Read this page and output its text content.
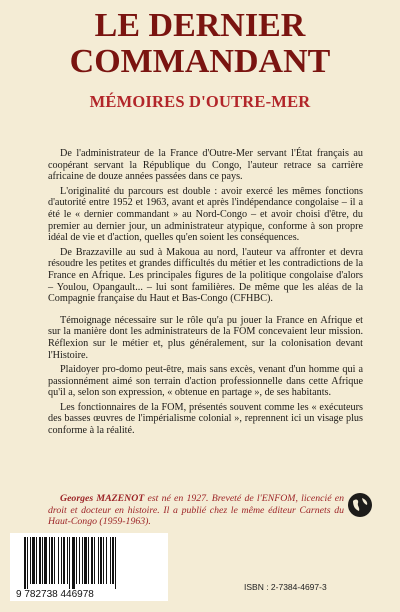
LE DERNIER
COMMANDANT
MÉMOIRES D'OUTRE-MER

De l'administrateur de la France d'Outre-Mer servant l'État français au coopérant servant la République du Congo, l'auteur retrace sa carrière africaine de douze années passées dans ce pays.

L'originalité du parcours est double : avoir exercé les mêmes fonctions d'autorité entre 1952 et 1963, avant et après l'indépendance congolaise – il a été le « dernier commandant » au Nord-Congo – et avoir choisi d'être, du premier au dernier jour, un administrateur atypique, conforme à son propre idéal de vie et d'action, quelles qu'en soient les conséquences.

De Brazzaville au sud à Makoua au nord, l'auteur va affronter et devra résoudre les petites et grandes difficultés du métier et les contradictions de la France en Afrique. Les principales figures de la politique congolaise d'alors – Youlou, Opangault... – lui sont familières. De même que les aléas de la Compagnie française du Haut et Bas-Congo (CFHBC).

Témoignage nécessaire sur le rôle qu'a pu jouer la France en Afrique et sur la manière dont les administrateurs de la FOM concevaient leur mission. Réflexion sur le métier et, plus généralement, sur la colonisation devant l'Histoire.

Plaidoyer pro-domo peut-être, mais sans excès, venant d'un homme qui a passionnément aimé son terrain d'action professionnelle dans cette Afrique qu'il a, selon son expression, « obtenue en partage », de ses habitants.

Les fonctionnaires de la FOM, présentés souvent comme les « exécuteurs des basses œuvres de l'impérialisme colonial », reprennent ici un visage plus conforme à la réalité.

Georges MAZENOT est né en 1927. Breveté de l'ENFOM, licencié en droit et docteur en histoire. Il a publié chez le même éditeur Carnets du Haut-Congo (1959-1963).
9 782738 446978
ISBN : 2-7384-4697-3
